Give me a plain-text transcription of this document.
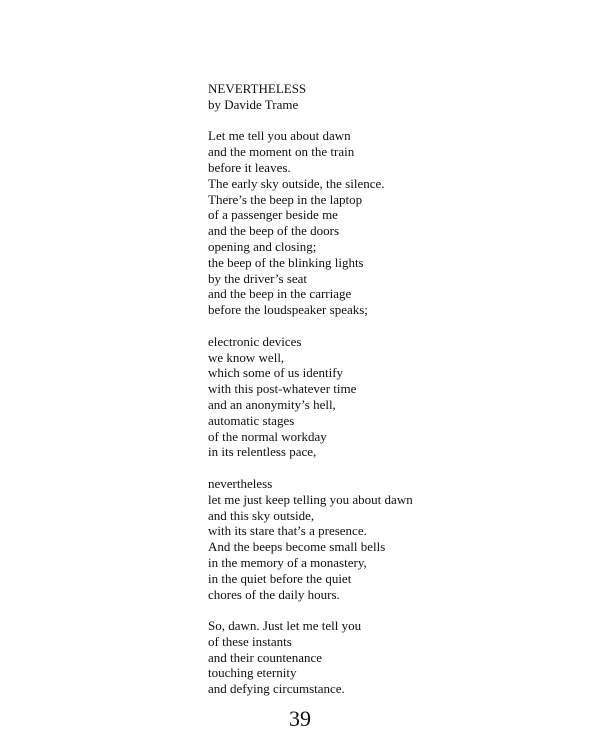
NEVERTHELESS
by Davide Trame
Let me tell you about dawn
and the moment on the train
before it leaves.
The early sky outside, the silence.
There’s the beep in the laptop
of a passenger beside me
and the beep of the doors
opening and closing;
the beep of the blinking lights
by the driver’s seat
and the beep in the carriage
before the loudspeaker speaks;
electronic devices
we know well,
which some of us identify
with this post-whatever time
and an anonymity’s hell,
automatic stages
of the normal workday
in its relentless pace,
nevertheless
let me just keep telling you about dawn
and this sky outside,
with its stare that’s a presence.
And the beeps become small bells
in the memory of a monastery,
in the quiet before the quiet
chores of the daily hours.
So, dawn. Just let me tell you
of these instants
and their countenance
touching eternity
and defying circumstance.
39
